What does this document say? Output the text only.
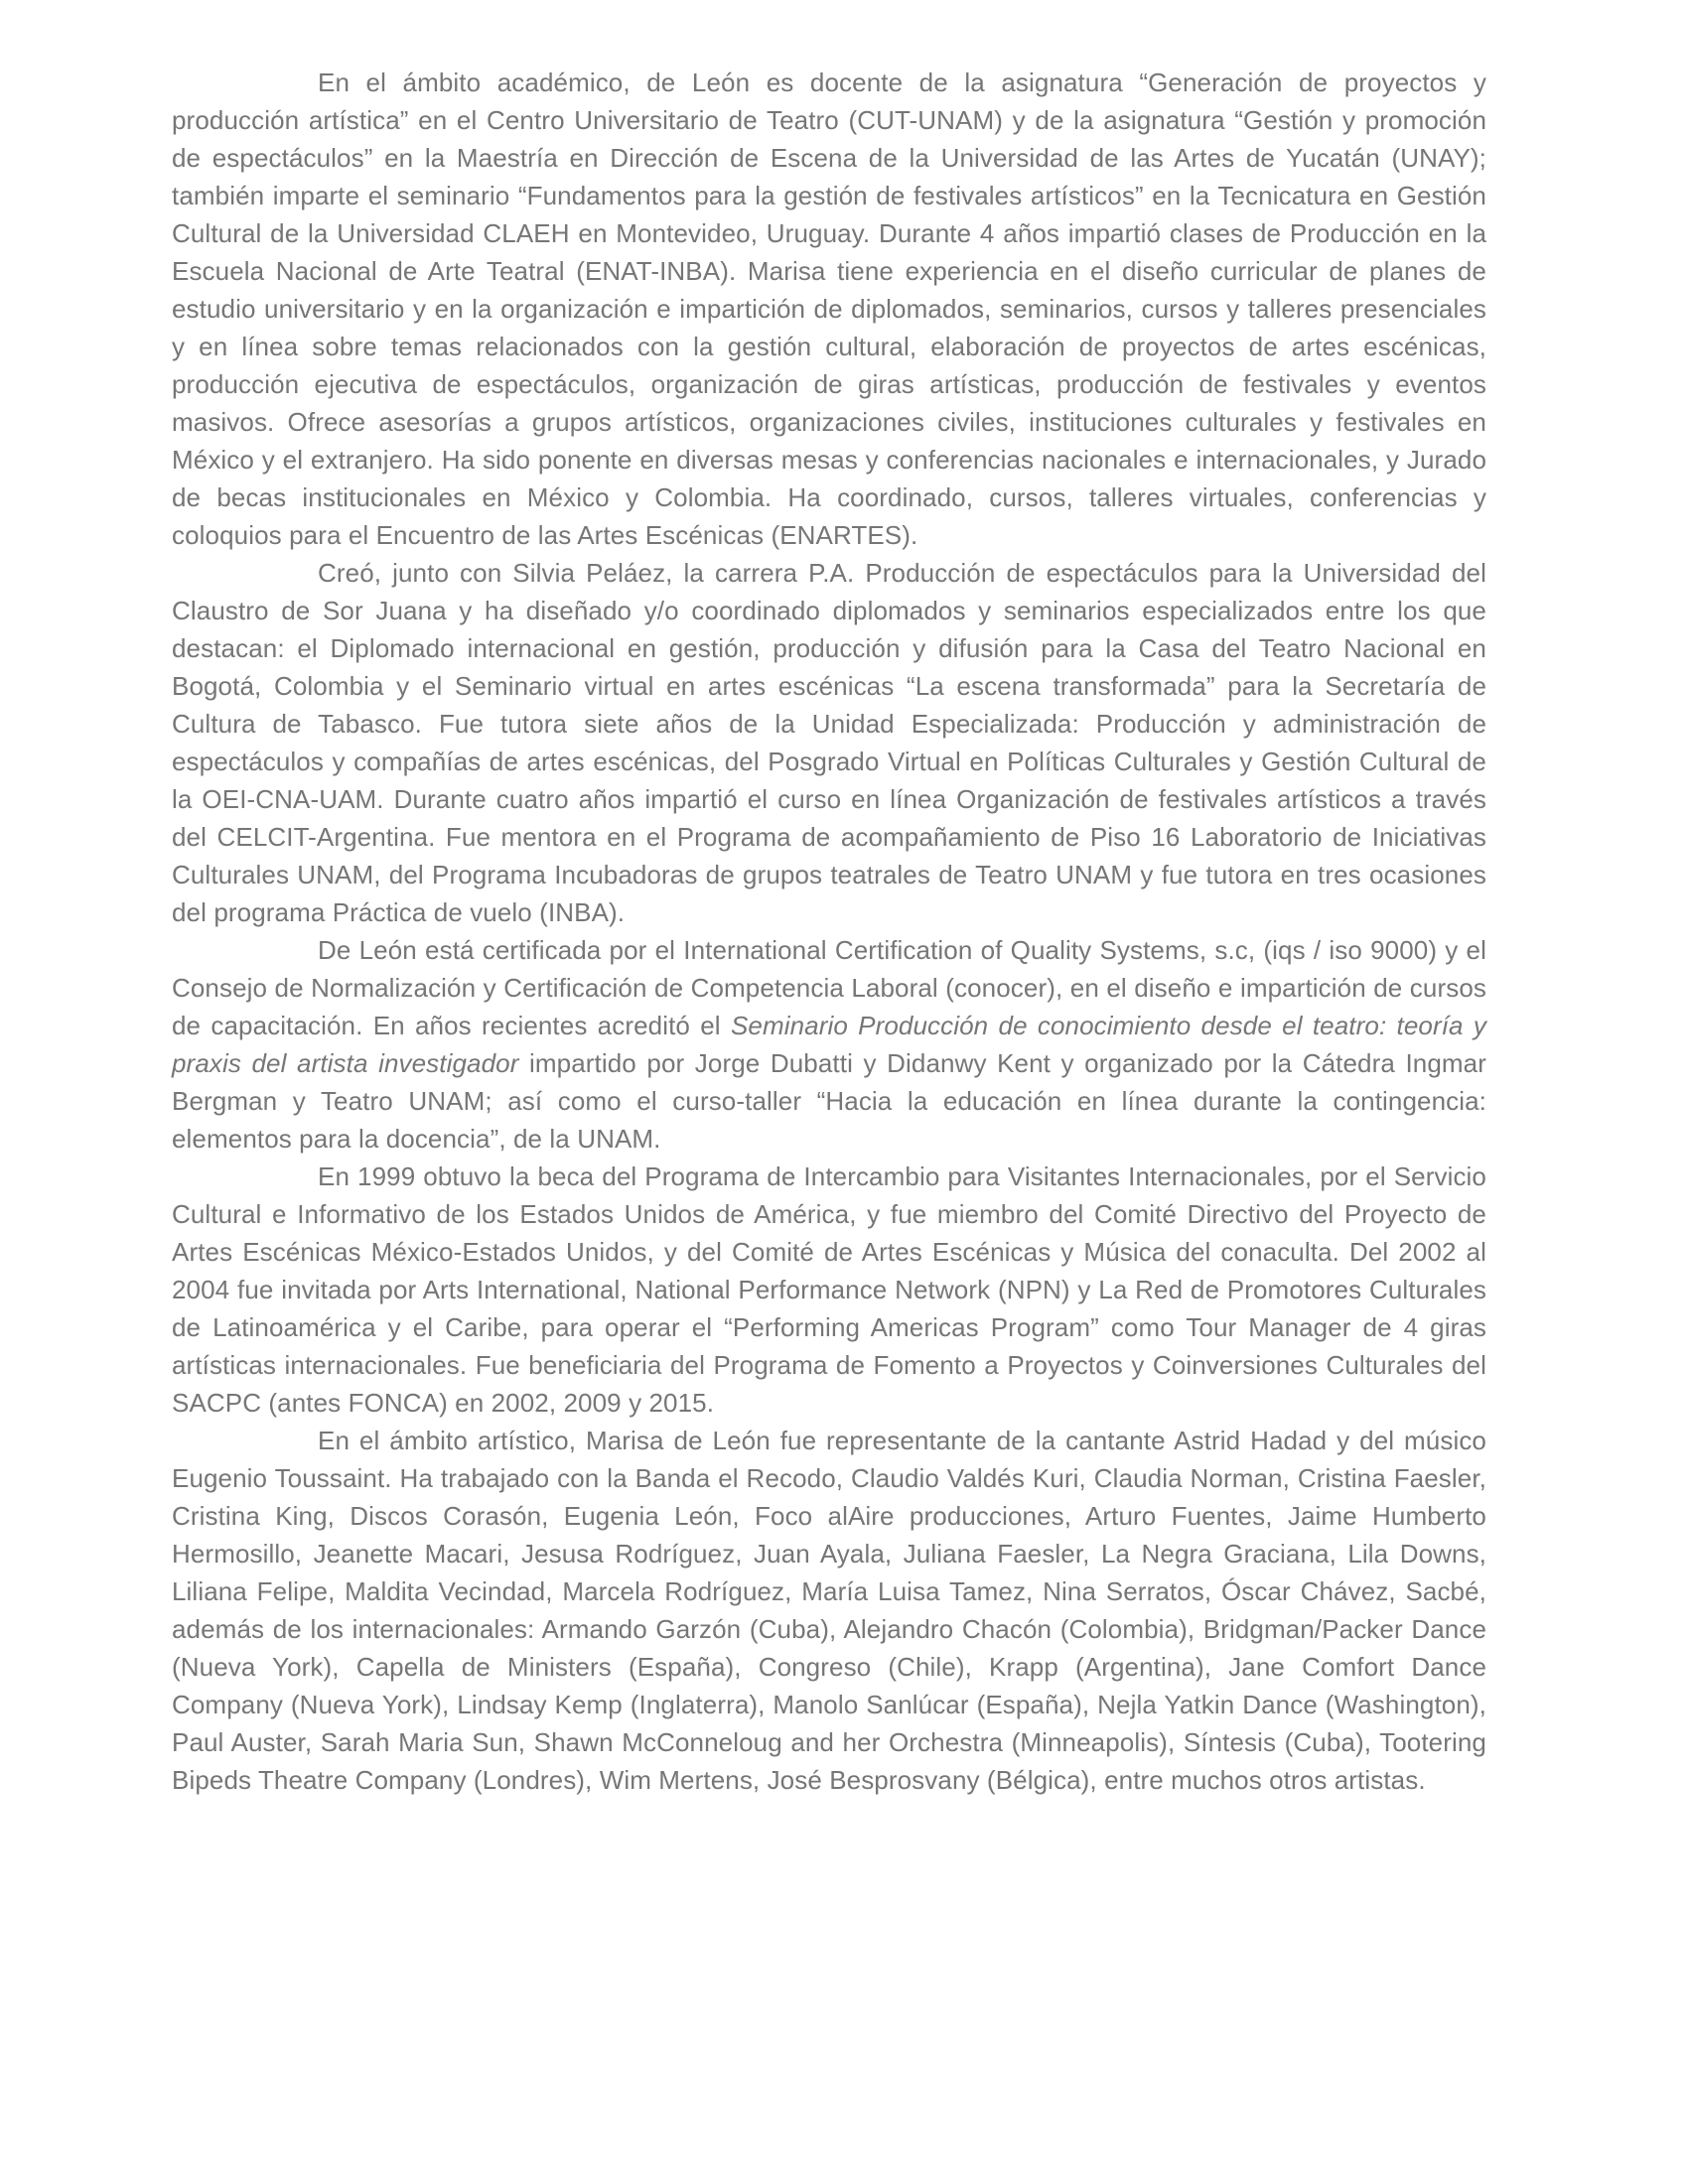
En el ámbito académico, de León es docente de la asignatura “Generación de proyectos y producción artística” en el Centro Universitario de Teatro (CUT-UNAM) y de la asignatura “Gestión y promoción de espectáculos” en la Maestría en Dirección de Escena de la Universidad de las Artes de Yucatán (UNAY); también imparte el seminario “Fundamentos para la gestión de festivales artísticos” en la Tecnicatura en Gestión Cultural de la Universidad CLAEH en Montevideo, Uruguay. Durante 4 años impartió clases de Producción en la Escuela Nacional de Arte Teatral (ENAT-INBA). Marisa tiene experiencia en el diseño curricular de planes de estudio universitario y en la organización e impartición de diplomados, seminarios, cursos y talleres presenciales y en línea sobre temas relacionados con la gestión cultural, elaboración de proyectos de artes escénicas, producción ejecutiva de espectáculos, organización de giras artísticas, producción de festivales y eventos masivos. Ofrece asesorías a grupos artísticos, organizaciones civiles, instituciones culturales y festivales en México y el extranjero. Ha sido ponente en diversas mesas y conferencias nacionales e internacionales, y Jurado de becas institucionales en México y Colombia. Ha coordinado, cursos, talleres virtuales, conferencias y coloquios para el Encuentro de las Artes Escénicas (ENARTES).

Creó, junto con Silvia Peláez, la carrera P.A. Producción de espectáculos para la Universidad del Claustro de Sor Juana y ha diseñado y/o coordinado diplomados y seminarios especializados entre los que destacan: el Diplomado internacional en gestión, producción y difusión para la Casa del Teatro Nacional en Bogotá, Colombia y el Seminario virtual en artes escénicas “La escena transformada” para la Secretaría de Cultura de Tabasco. Fue tutora siete años de la Unidad Especializada: Producción y administración de espectáculos y compañías de artes escénicas, del Posgrado Virtual en Políticas Culturales y Gestión Cultural de la OEI-CNA-UAM. Durante cuatro años impartió el curso en línea Organización de festivales artísticos a través del CELCIT-Argentina. Fue mentora en el Programa de acompañamiento de Piso 16 Laboratorio de Iniciativas Culturales UNAM, del Programa Incubadoras de grupos teatrales de Teatro UNAM y fue tutora en tres ocasiones del programa Práctica de vuelo (INBA).

De León está certificada por el International Certification of Quality Systems, s.c, (iqs / iso 9000) y el Consejo de Normalización y Certificación de Competencia Laboral (conocer), en el diseño e impartición de cursos de capacitación. En años recientes acreditó el Seminario Producción de conocimiento desde el teatro: teoría y praxis del artista investigador impartido por Jorge Dubatti y Didanwy Kent y organizado por la Cátedra Ingmar Bergman y Teatro UNAM; así como el curso-taller “Hacia la educación en línea durante la contingencia: elementos para la docencia”, de la UNAM.

En 1999 obtuvo la beca del Programa de Intercambio para Visitantes Internacionales, por el Servicio Cultural e Informativo de los Estados Unidos de América, y fue miembro del Comité Directivo del Proyecto de Artes Escénicas México-Estados Unidos, y del Comité de Artes Escénicas y Música del conaculta. Del 2002 al 2004 fue invitada por Arts International, National Performance Network (NPN) y La Red de Promotores Culturales de Latinoamérica y el Caribe, para operar el “Performing Americas Program” como Tour Manager de 4 giras artísticas internacionales. Fue beneficiaria del Programa de Fomento a Proyectos y Coinversiones Culturales del SACPC (antes FONCA) en 2002, 2009 y 2015.

En el ámbito artístico, Marisa de León fue representante de la cantante Astrid Hadad y del músico Eugenio Toussaint. Ha trabajado con la Banda el Recodo, Claudio Valdés Kuri, Claudia Norman, Cristina Faesler, Cristina King, Discos Corasón, Eugenia León, Foco alAire producciones, Arturo Fuentes, Jaime Humberto Hermosillo, Jeanette Macari, Jesusa Rodríguez, Juan Ayala, Juliana Faesler, La Negra Graciana, Lila Downs, Liliana Felipe, Maldita Vecindad, Marcela Rodríguez, María Luisa Tamez, Nina Serratos, Óscar Chávez, Sacbé, además de los internacionales: Armando Garzón (Cuba), Alejandro Chacón (Colombia), Bridgman/Packer Dance (Nueva York), Capella de Ministers (España), Congreso (Chile), Krapp (Argentina), Jane Comfort Dance Company (Nueva York), Lindsay Kemp (Inglaterra), Manolo Sanlúcar (España), Nejla Yatkin Dance (Washington), Paul Auster, Sarah Maria Sun, Shawn McConneloug and her Orchestra (Minneapolis), Síntesis (Cuba), Tootering Bipeds Theatre Company (Londres), Wim Mertens, José Besprosvany (Bélgica), entre muchos otros artistas.
